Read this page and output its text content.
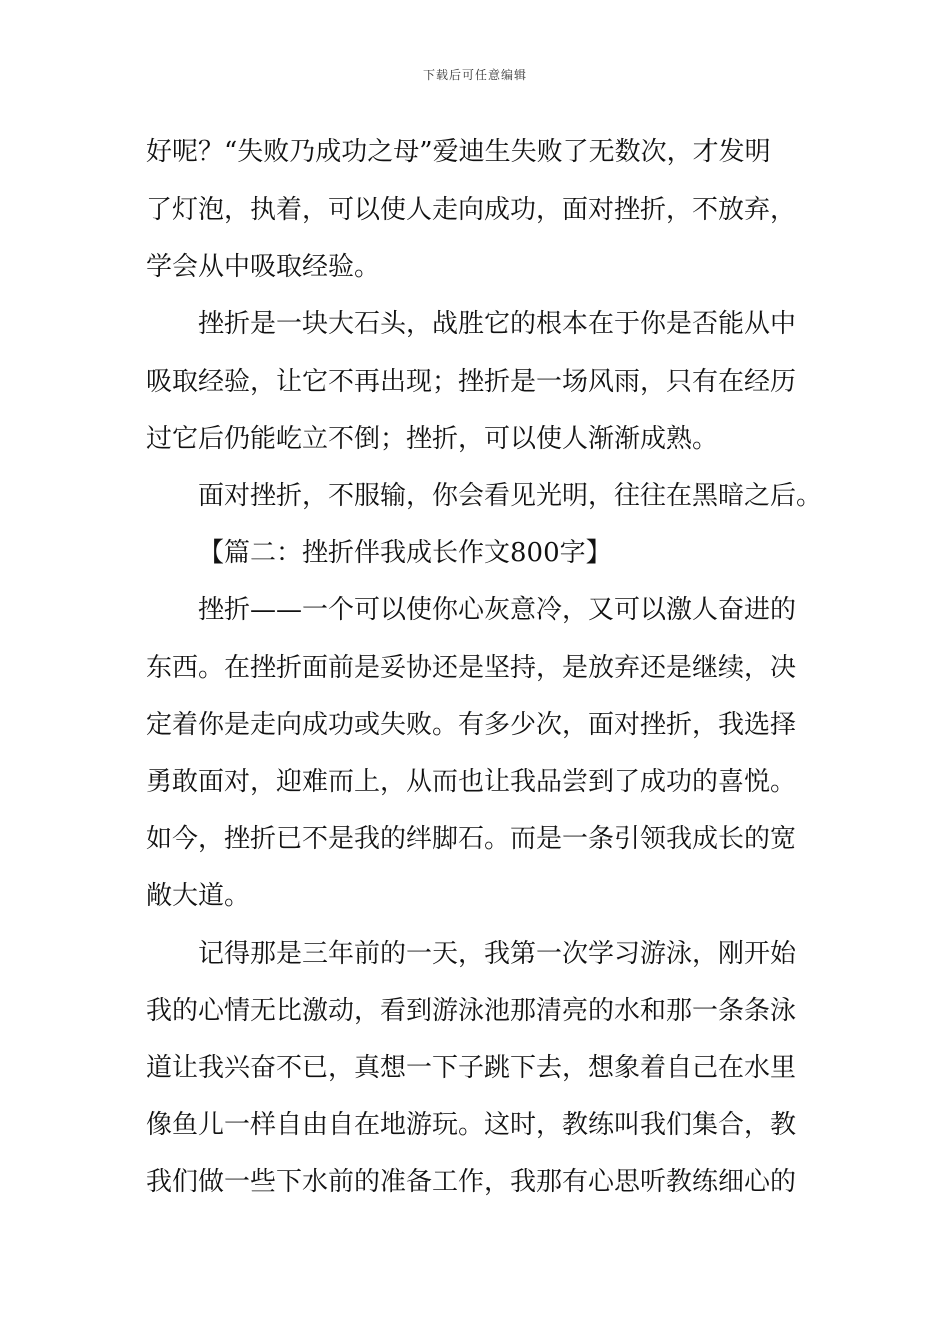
下载后可任意编辑
好呢？“失败乃成功之母”爱迪生失败了无数次，才发明
了灯泡，执着，可以使人走向成功，面对挫折，不放弃，
学会从中吸取经验。
挫折是一块大石头，战胜它的根本在于你是否能从中
吸取经验，让它不再出现；挫折是一场风雨，只有在经历
过它后仍能屹立不倒；挫折，可以使人渐渐成熟。
面对挫折，不服输，你会看见光明，往往在黑暗之后。
【篇二：挫折伴我成长作文800字】
挫折——一个可以使你心灰意冷，又可以激人奋进的
东西。在挫折面前是妥协还是坚持，是放弃还是继续，决
定着你是走向成功或失败。有多少次，面对挫折，我选择
勇敢面对，迎难而上，从而也让我品尝到了成功的喜悦。
如今，挫折已不是我的绊脚石。而是一条引领我成长的宽
敞大道。
记得那是三年前的一天，我第一次学习游泳，刚开始
我的心情无比激动，看到游泳池那清亮的水和那一条条泳
道让我兴奋不已，真想一下子跳下去，想象着自己在水里
像鱼儿一样自由自在地游玩。这时，教练叫我们集合，教
我们做一些下水前的准备工作，我那有心思听教练细心的
